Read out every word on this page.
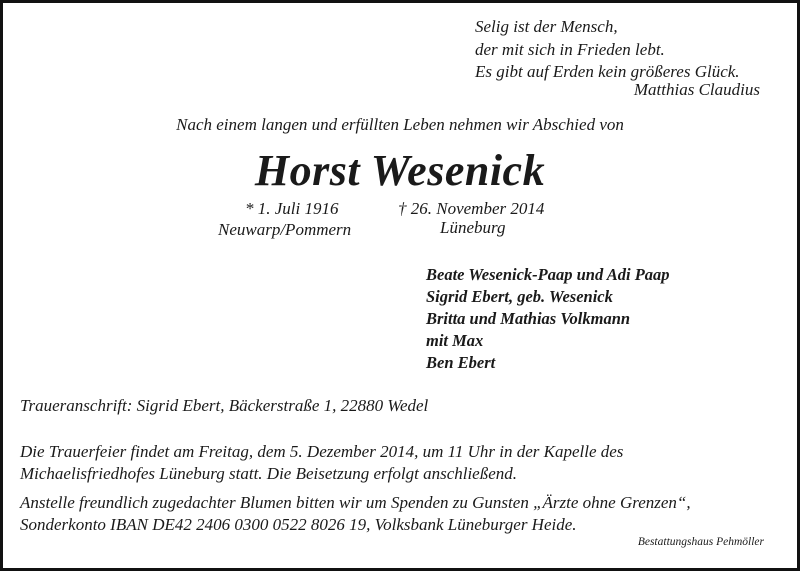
Selig ist der Mensch,
der mit sich in Frieden lebt.
Es gibt auf Erden kein größeres Glück.
Matthias Claudius
Nach einem langen und erfüllten Leben nehmen wir Abschied von
Horst Wesenick
* 1. Juli 1916
Neuwarp/Pommern
† 26. November 2014
Lüneburg
Beate Wesenick-Paap und Adi Paap
Sigrid Ebert, geb. Wesenick
Britta und Mathias Volkmann
mit Max
Ben Ebert
Traueranschrift: Sigrid Ebert, Bäckerstraße 1, 22880 Wedel
Die Trauerfeier findet am Freitag, dem 5. Dezember 2014, um 11 Uhr in der Kapelle des
Michaelisfriedhofes Lüneburg statt. Die Beisetzung erfolgt anschließend.
Anstelle freundlich zugedachter Blumen bitten wir um Spenden zu Gunsten „Ärzte ohne Grenzen“,
Sonderkonto IBAN DE42 2406 0300 0522 8026 19, Volksbank Lüneburger Heide.
Bestattungshaus Pehmöller
